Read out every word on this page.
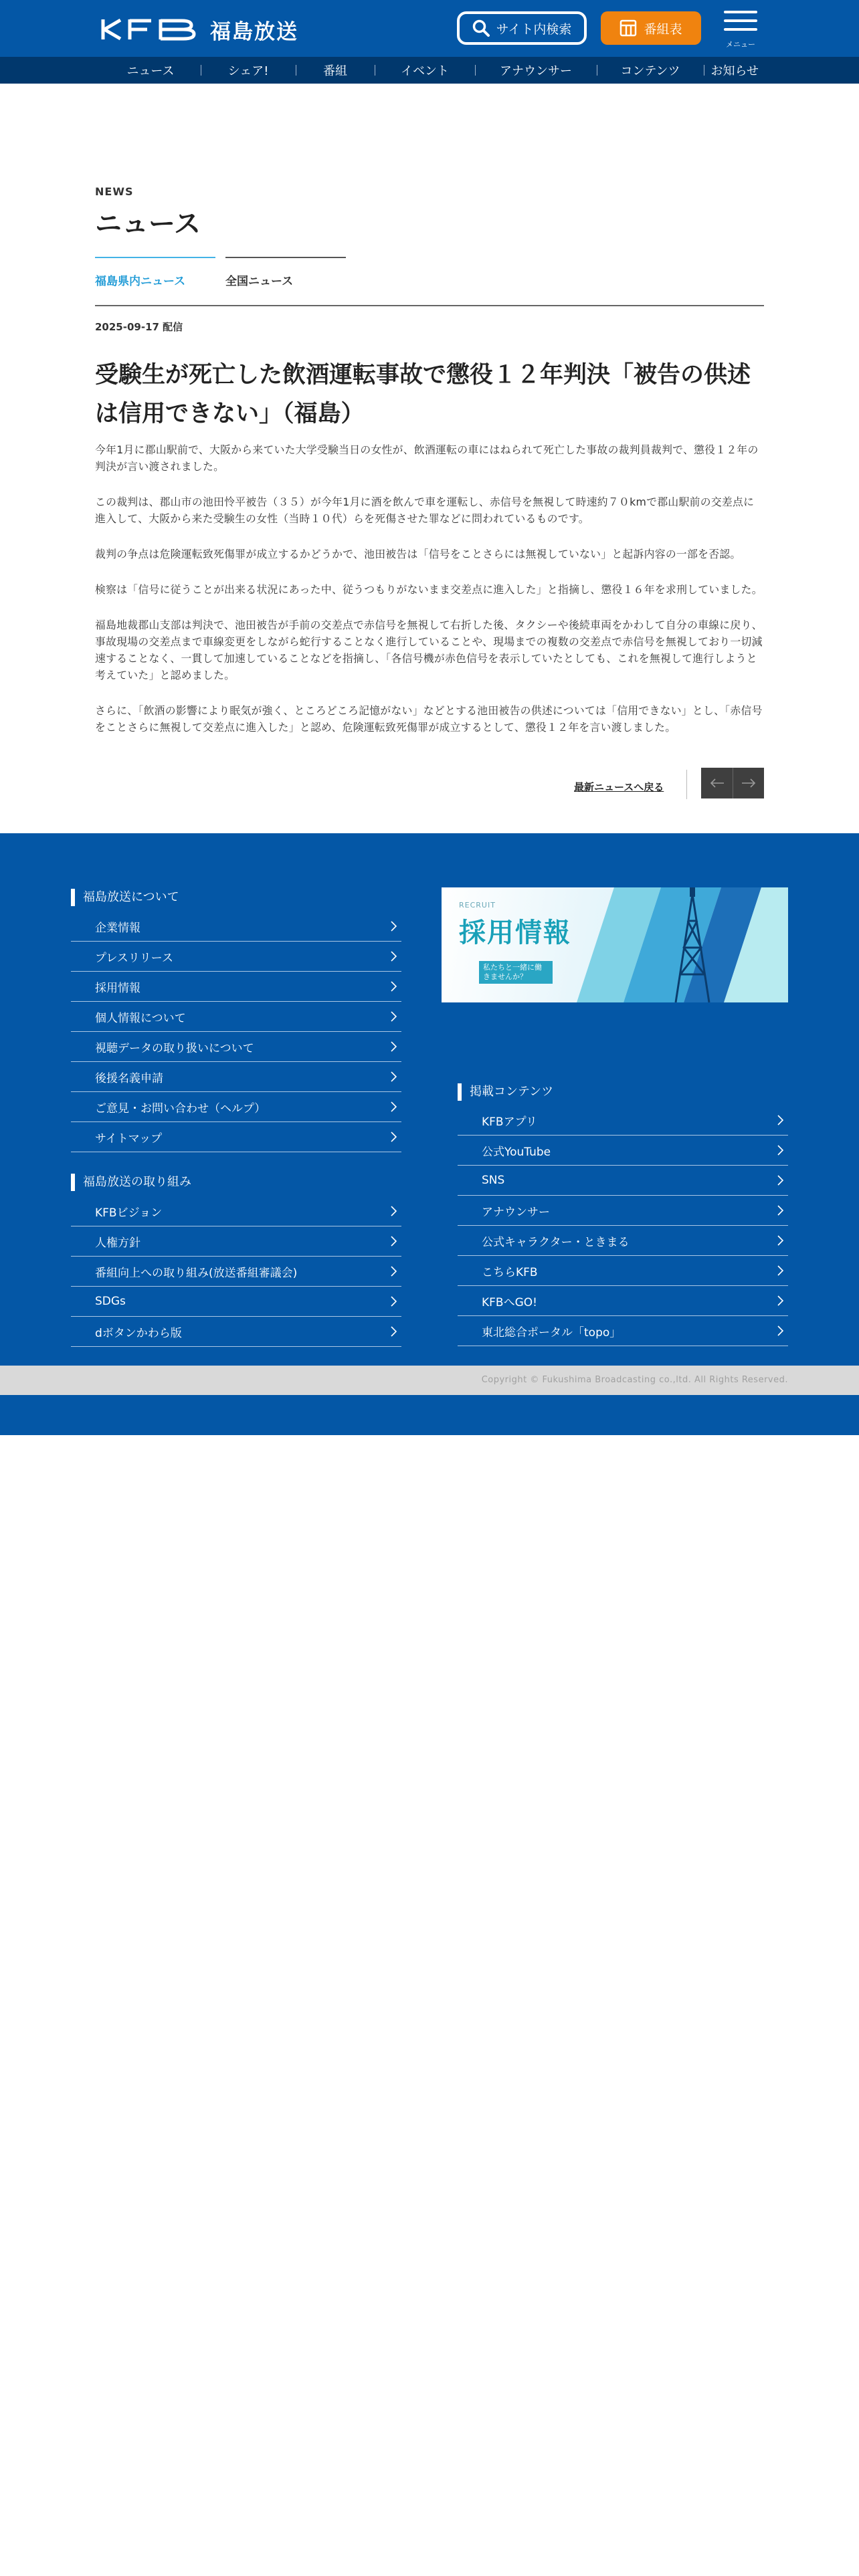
福島放送	サイト内検索	番組表
メニュー
ニュース	シェア!	番組	イベント	アナウンサー	コンテンツ	お知らせ
NEWS
ニュース
福島県内ニュース	全国ニュース
2025-09-17 配信
受験生が死亡した飲酒運転事故で懲役１２年判決「被告の供述は信用できない」（福島）

今年1月に郡山駅前で、大阪から来ていた大学受験当日の女性が、飲酒運転の車にはねられて死亡した事故の裁判員裁判で、懲役１２年の判決が言い渡されました。

この裁判は、郡山市の池田怜平被告（３５）が今年1月に酒を飲んで車を運転し、赤信号を無視して時速約７０kmで郡山駅前の交差点に進入して、大阪から来た受験生の女性（当時１０代）らを死傷させた罪などに問われているものです。

裁判の争点は危険運転致死傷罪が成立するかどうかで、池田被告は「信号をことさらには無視していない」と起訴内容の一部を否認。

検察は「信号に従うことが出来る状況にあった中、従うつもりがないまま交差点に進入した」と指摘し、懲役１６年を求刑していました。

福島地裁郡山支部は判決で、池田被告が手前の交差点で赤信号を無視して右折した後、タクシーや後続車両をかわして自分の車線に戻り、事故現場の交差点まで車線変更をしながら蛇行することなく進行していることや、現場までの複数の交差点で赤信号を無視しており一切減速することなく、一貫して加速していることなどを指摘し、「各信号機が赤色信号を表示していたとしても、これを無視して進行しようと考えていた」と認めました。

さらに、「飲酒の影響により眠気が強く、ところどころ記憶がない」などとする池田被告の供述については「信用できない」とし、「赤信号をことさらに無視して交差点に進入した」と認め、危険運転致死傷罪が成立するとして、懲役１２年を言い渡しました。

最新ニュースへ戻る
福島放送について
企業情報
プレスリリース
採用情報
個人情報について
視聴データの取り扱いについて
後援名義申請
ご意見・お問い合わせ（ヘルプ）
サイトマップ
福島放送の取り組み
KFBビジョン
人権方針
番組向上への取り組み(放送番組審議会)
SDGs
dボタンかわら版
RECRUIT
採用情報
私たちと一緒に働きませんか？
掲載コンテンツ
KFBアプリ
公式YouTube
SNS
アナウンサー
公式キャラクター・ときまる
こちらKFB
KFBへGO!
東北総合ポータル「topo」
Copyright © Fukushima Broadcasting co.,ltd. All Rights Reserved.
